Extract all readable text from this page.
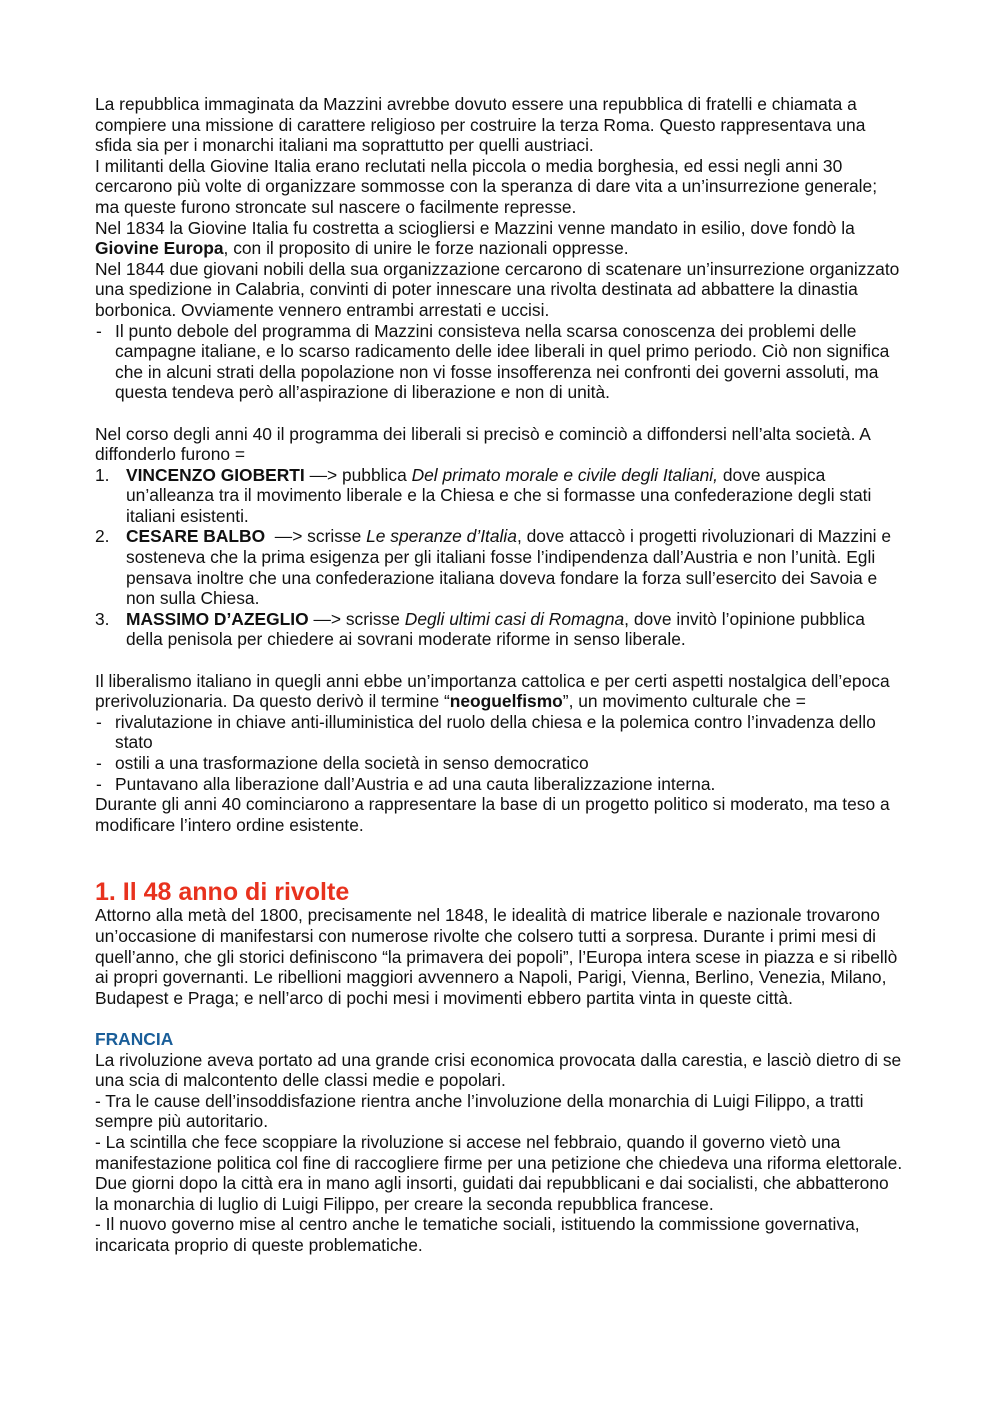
La repubblica immaginata da Mazzini avrebbe dovuto essere una repubblica di fratelli e chiamata a compiere una missione di carattere religioso per costruire la terza Roma. Questo rappresentava una sfida sia per i monarchi italiani ma soprattutto per quelli austriaci.

I militanti della Giovine Italia erano reclutati nella piccola o media borghesia, ed essi negli anni 30 cercarono più volte di organizzare sommosse con la speranza di dare vita a un’insurrezione generale; ma queste furono stroncate sul nascere o facilmente represse.

Nel 1834 la Giovine Italia fu costretta a sciogliersi e Mazzini venne mandato in esilio, dove fondò la Giovine Europa, con il proposito di unire le forze nazionali oppresse.

Nel 1844 due giovani nobili della sua organizzazione cercarono di scatenare un’insurrezione organizzato una spedizione in Calabria, convinti di poter innescare una rivolta destinata ad abbattere la dinastia borbonica. Ovviamente vennero entrambi arrestati e uccisi.

- Il punto debole del programma di Mazzini consisteva nella scarsa conoscenza dei problemi delle campagne italiane, e lo scarso radicamento delle idee liberali in quel primo periodo. Ciò non significa che in alcuni strati della popolazione non vi fosse insofferenza nei confronti dei governi assoluti, ma questa tendeva però all’aspirazione di liberazione e non di unità.

Nel corso degli anni 40 il programma dei liberali si precisò e cominciò a diffondersi nell’alta società. A diffonderlo furono =

1. VINCENZO GIOBERTI —> pubblica Del primato morale e civile degli Italiani, dove auspica un’alleanza tra il movimento liberale e la Chiesa e che si formasse una confederazione degli stati italiani esistenti.
2. CESARE BALBO  —> scrisse Le speranze d’Italia, dove attaccò i progetti rivoluzionari di Mazzini e sosteneva che la prima esigenza per gli italiani fosse l’indipendenza dall’Austria e non l’unità. Egli pensava inoltre che una confederazione italiana doveva fondare la forza sull’esercito dei Savoia e non sulla Chiesa.
3. MASSIMO D’AZEGLIO —> scrisse Degli ultimi casi di Romagna, dove invitò l’opinione pubblica della penisola per chiedere ai sovrani moderate riforme in senso liberale.

Il liberalismo italiano in quegli anni ebbe un’importanza cattolica e per certi aspetti nostalgica dell’epoca prerivoluzionaria. Da questo derivò il termine “neoguelfismo”, un movimento culturale che =

- rivalutazione in chiave anti-illuministica del ruolo della chiesa e la polemica contro l’invadenza dello stato
- ostili a una trasformazione della società in senso democratico
- Puntavano alla liberazione dall’Austria e ad una cauta liberalizzazione interna.

Durante gli anni 40 cominciarono a rappresentare la base di un progetto politico si moderato, ma teso a modificare l’intero ordine esistente.

1. Il 48 anno di rivolte

Attorno alla metà del 1800, precisamente nel 1848, le idealità di matrice liberale e nazionale trovarono un’occasione di manifestarsi con numerose rivolte che colsero tutti a sorpresa. Durante i primi mesi di quell’anno, che gli storici definiscono “la primavera dei popoli”, l’Europa intera scese in piazza e si ribellò ai propri governanti. Le ribellioni maggiori avvennero a Napoli, Parigi, Vienna, Berlino, Venezia, Milano, Budapest e Praga; e nell’arco di pochi mesi i movimenti ebbero partita vinta in queste città.

FRANCIA

La rivoluzione aveva portato ad una grande crisi economica provocata dalla carestia, e lasciò dietro di se una scia di malcontento delle classi medie e popolari.

- Tra le cause dell’insoddisfazione rientra anche l’involuzione della monarchia di Luigi Filippo, a tratti sempre più autoritario.

- La scintilla che fece scoppiare la rivoluzione si accese nel febbraio, quando il governo vietò una manifestazione politica col fine di raccogliere firme per una petizione che chiedeva una riforma elettorale. Due giorni dopo la città era in mano agli insorti, guidati dai repubblicani e dai socialisti, che abbatterono la monarchia di luglio di Luigi Filippo, per creare la seconda repubblica francese.

- Il nuovo governo mise al centro anche le tematiche sociali, istituendo la commissione governativa, incaricata proprio di queste problematiche.
